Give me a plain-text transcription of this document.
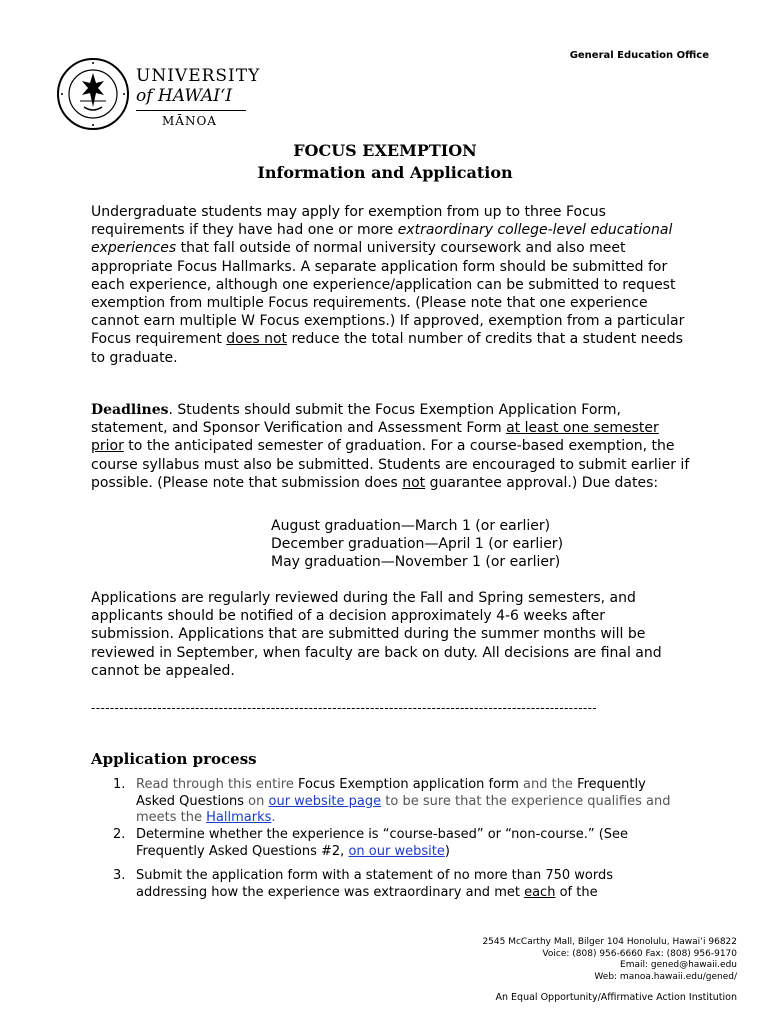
General Education Office
UNIVERSITY
of HAWAIʻI
MĀNOA
FOCUS EXEMPTION
Information and Application
Undergraduate students may apply for exemption from up to three Focus requirements if they have had one or more extraordinary college-level educational experiences that fall outside of normal university coursework and also meet appropriate Focus Hallmarks. A separate application form should be submitted for each experience, although one experience/application can be submitted to request exemption from multiple Focus requirements. (Please note that one experience cannot earn multiple W Focus exemptions.) If approved, exemption from a particular Focus requirement does not reduce the total number of credits that a student needs to graduate.
Deadlines. Students should submit the Focus Exemption Application Form, statement, and Sponsor Verification and Assessment Form at least one semester prior to the anticipated semester of graduation. For a course-based exemption, the course syllabus must also be submitted. Students are encouraged to submit earlier if possible. (Please note that submission does not guarantee approval.) Due dates:
August graduation—March 1 (or earlier)
December graduation—April 1 (or earlier)
May graduation—November 1 (or earlier)
Applications are regularly reviewed during the Fall and Spring semesters, and applicants should be notified of a decision approximately 4-6 weeks after submission. Applications that are submitted during the summer months will be reviewed in September, when faculty are back on duty. All decisions are final and cannot be appealed.
-----------------------------------------------------------------------------------------------------------
Application process
1. Read through this entire Focus Exemption application form and the Frequently Asked Questions on our website page to be sure that the experience qualifies and meets the Hallmarks.
2. Determine whether the experience is “course-based” or “non-course.” (See Frequently Asked Questions #2, on our website)
3. Submit the application form with a statement of no more than 750 words addressing how the experience was extraordinary and met each of the
2545 McCarthy Mall, Bilger 104 Honolulu, Hawaiʻi 96822
Voice: (808) 956-6660 Fax: (808) 956-9170
Email: gened@hawaii.edu
Web: manoa.hawaii.edu/gened/
An Equal Opportunity/Affirmative Action Institution
